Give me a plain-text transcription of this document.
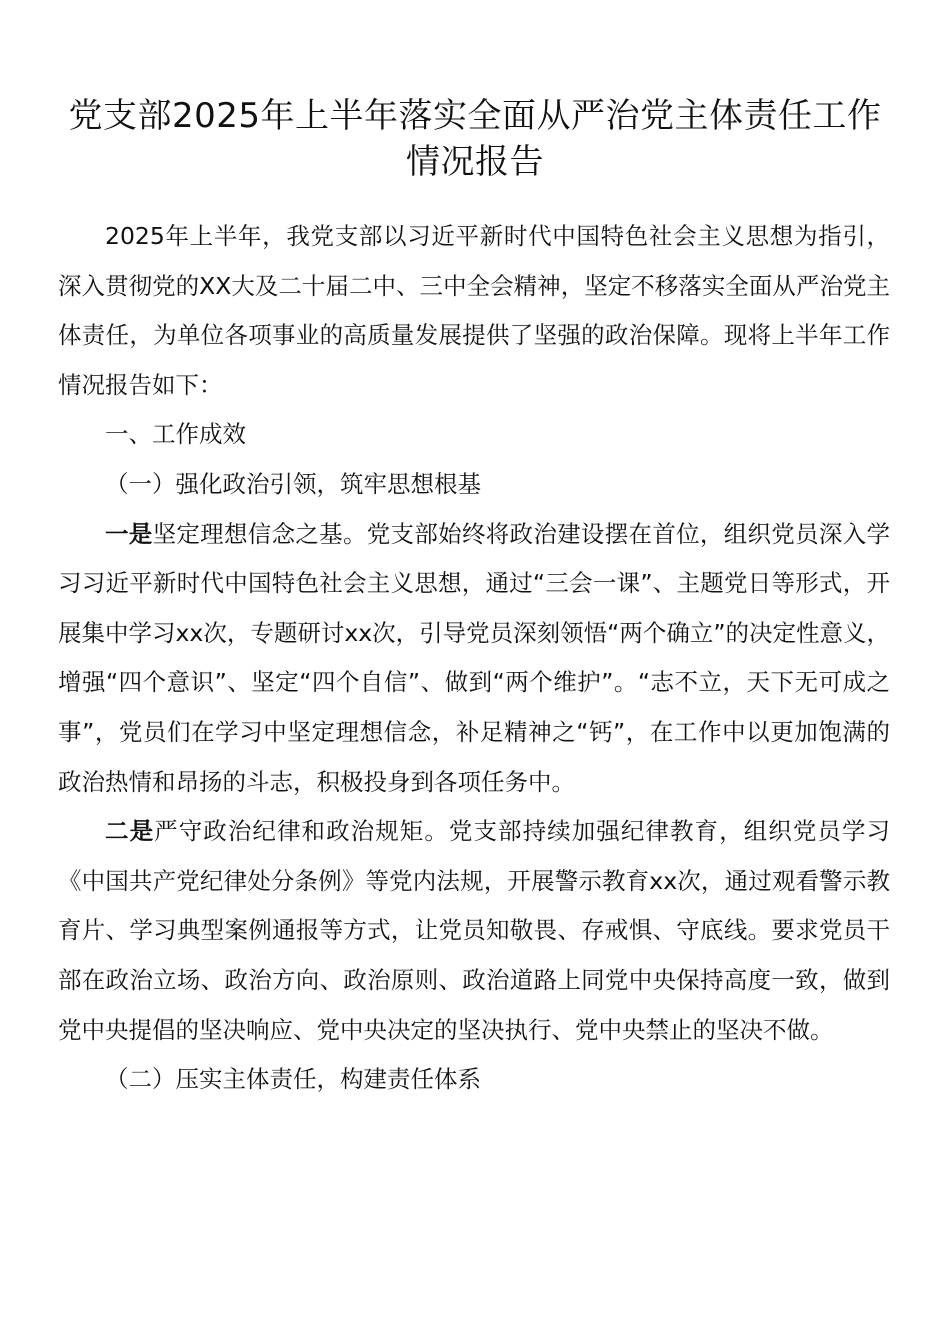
党支部2025年上半年落实全面从严治党主体责任工作情况报告

2025年上半年，我党支部以习近平新时代中国特色社会主义思想为指引，深入贯彻党的XX大及二十届二中、三中全会精神，坚定不移落实全面从严治党主体责任，为单位各项事业的高质量发展提供了坚强的政治保障。现将上半年工作情况报告如下：

一、工作成效

（一）强化政治引领，筑牢思想根基

一是坚定理想信念之基。党支部始终将政治建设摆在首位，组织党员深入学习习近平新时代中国特色社会主义思想，通过“三会一课”、主题党日等形式，开展集中学习xx次，专题研讨xx次，引导党员深刻领悟“两个确立”的决定性意义，增强“四个意识”、坚定“四个自信”、做到“两个维护”。“志不立，天下无可成之事”，党员们在学习中坚定理想信念，补足精神之“钙”，在工作中以更加饱满的政治热情和昂扬的斗志，积极投身到各项任务中。

二是严守政治纪律和政治规矩。党支部持续加强纪律教育，组织党员学习《中国共产党纪律处分条例》等党内法规，开展警示教育xx次，通过观看警示教育片、学习典型案例通报等方式，让党员知敬畏、存戒惧、守底线。要求党员干部在政治立场、政治方向、政治原则、政治道路上同党中央保持高度一致，做到党中央提倡的坚决响应、党中央决定的坚决执行、党中央禁止的坚决不做。

（二）压实主体责任，构建责任体系
